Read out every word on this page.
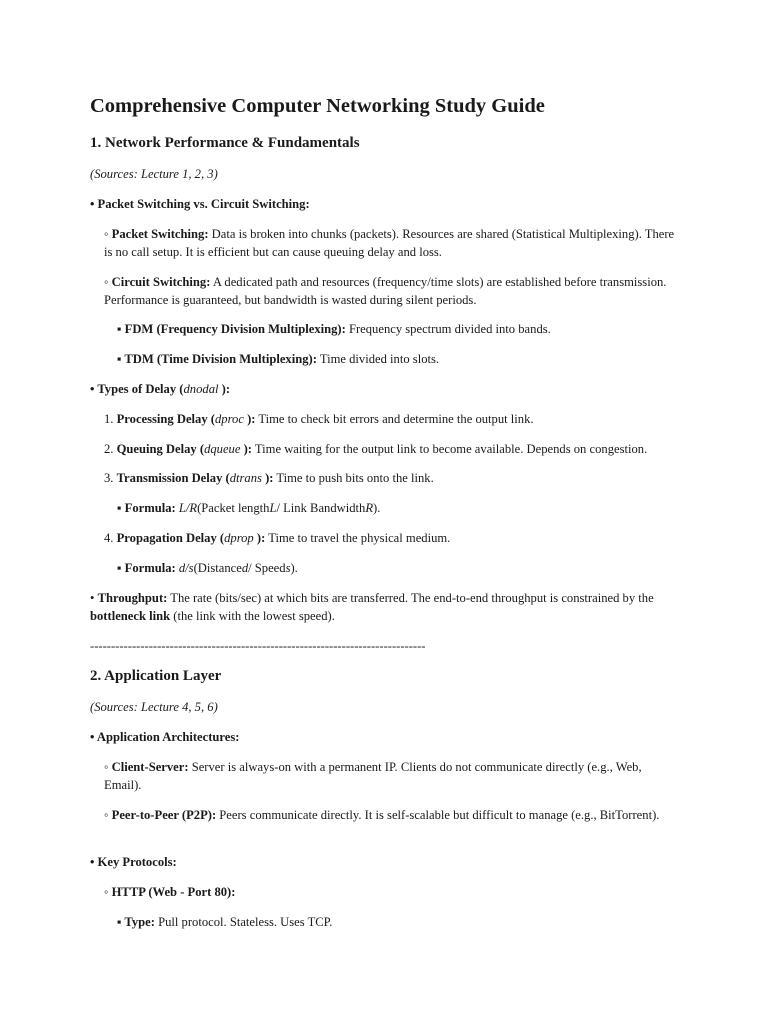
Comprehensive Computer Networking Study Guide
1. Network Performance & Fundamentals

(Sources: Lecture 1, 2, 3)

• Packet Switching vs. Circuit Switching:

◦ Packet Switching: Data is broken into chunks (packets). Resources are shared (Statistical Multiplexing). There is no call setup. It is efficient but can cause queuing delay and loss.

◦ Circuit Switching: A dedicated path and resources (frequency/time slots) are established before transmission. Performance is guaranteed, but bandwidth is wasted during silent periods.

▪ FDM (Frequency Division Multiplexing): Frequency spectrum divided into bands.

▪ TDM (Time Division Multiplexing): Time divided into slots.

• Types of Delay (dnodal ):

1. Processing Delay (dproc ): Time to check bit errors and determine the output link.

2. Queuing Delay (dqueue ): Time waiting for the output link to become available. Depends on congestion.

3. Transmission Delay (dtrans ): Time to push bits onto the link.

▪ Formula: L/R(Packet lengthL/ Link BandwidthR).

4. Propagation Delay (dprop ): Time to travel the physical medium.

▪ Formula: d/s(Distanced/ Speeds).

• Throughput: The rate (bits/sec) at which bits are transferred. The end-to-end throughput is constrained by the bottleneck link (the link with the lowest speed).

--------------------------------------------------------------------------------

2. Application Layer

(Sources: Lecture 4, 5, 6)

• Application Architectures:

◦ Client-Server: Server is always-on with a permanent IP. Clients do not communicate directly (e.g., Web, Email).

◦ Peer-to-Peer (P2P): Peers communicate directly. It is self-scalable but difficult to manage (e.g., BitTorrent).

• Key Protocols:

◦ HTTP (Web - Port 80):

▪ Type: Pull protocol. Stateless. Uses TCP.
